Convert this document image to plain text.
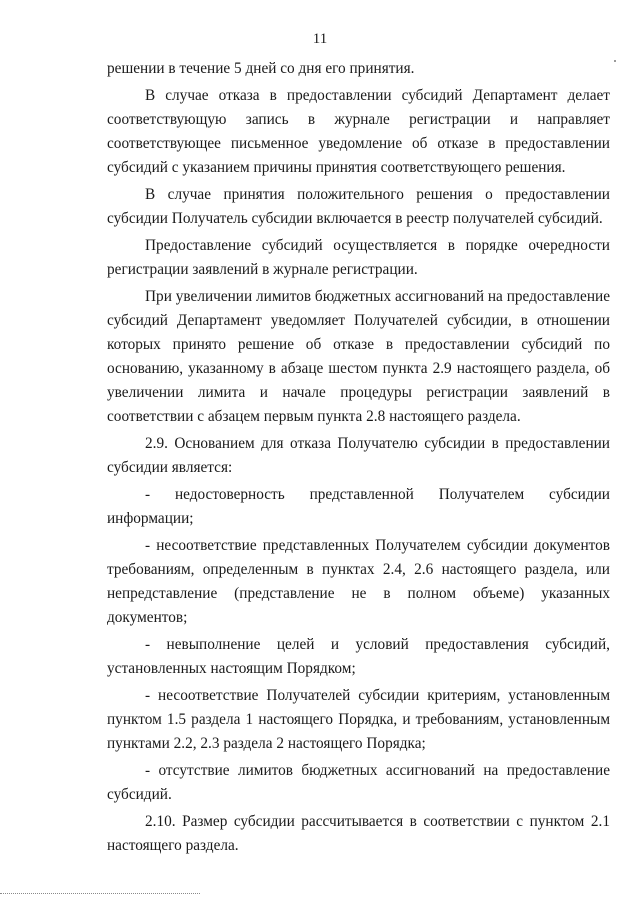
11

решении в течение 5 дней со дня его принятия.

В случае отказа в предоставлении субсидий Департамент делает соответствующую запись в журнале регистрации и направляет соответствующее письменное уведомление об отказе в предоставлении субсидий с указанием причины принятия соответствующего решения.

В случае принятия положительного решения о предоставлении субсидии Получатель субсидии включается в реестр получателей субсидий.

Предоставление субсидий осуществляется в порядке очередности регистрации заявлений в журнале регистрации.

При увеличении лимитов бюджетных ассигнований на предоставление субсидий Департамент уведомляет Получателей субсидии, в отношении которых принято решение об отказе в предоставлении субсидий по основанию, указанному в абзаце шестом пункта 2.9 настоящего раздела, об увеличении лимита и начале процедуры регистрации заявлений в соответствии с абзацем первым пункта 2.8 настоящего раздела.

2.9. Основанием для отказа Получателю субсидии в предоставлении субсидии является:

- недостоверность представленной Получателем субсидии

информации;

- несоответствие представленных Получателем субсидии документов требованиям, определенным в пунктах 2.4, 2.6 настоящего раздела, или непредставление (представление не в полном объеме) указанных документов;

- невыполнение целей и условий предоставления субсидий,

установленных настоящим Порядком;

- несоответствие Получателей субсидии критериям, установленным пунктом 1.5 раздела 1 настоящего Порядка, и требованиям, установленным пунктами 2.2, 2.3 раздела 2 настоящего Порядка;

- отсутствие лимитов бюджетных ассигнований на предоставление субсидий.

2.10. Размер субсидии рассчитывается в соответствии с пунктом 2.1 настоящего раздела.
